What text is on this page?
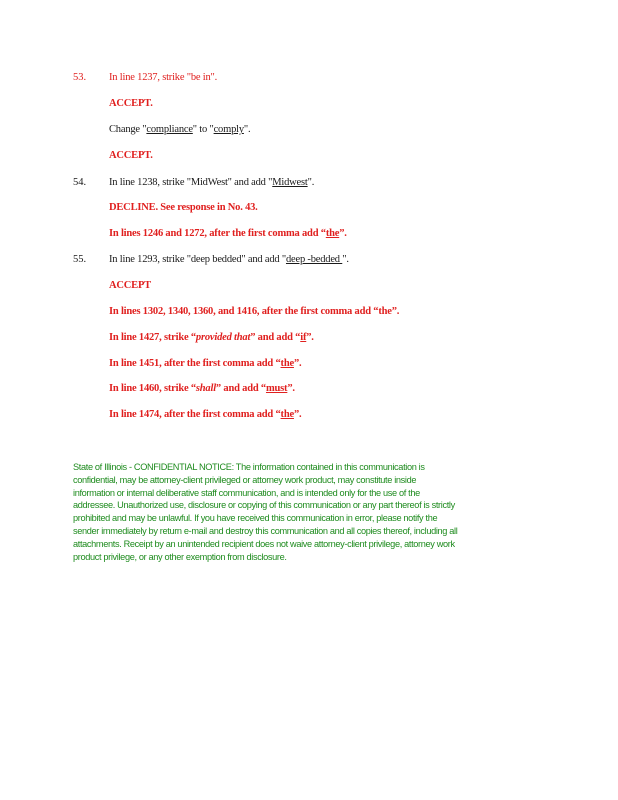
53. In line 1237, strike "be in".
ACCEPT.
Change "compliance" to "comply".
ACCEPT.
54. In line 1238, strike "MidWest" and add "Midwest".
DECLINE. See response in No. 43.
In lines 1246 and 1272, after the first comma add “the”.
55. In line 1293, strike "deep bedded" and add "deep -bedded ".
ACCEPT
In lines 1302, 1340, 1360, and 1416, after the first comma add “the”.
In line 1427, strike “provided that” and add “if”.
In line 1451, after the first comma add “the”.
In line 1460, strike “shall” and add “must”.
In line 1474, after the first comma add “the”.
State of Illinois - CONFIDENTIAL NOTICE: The information contained in this communication is
confidential, may be attorney-client privileged or attorney work product, may constitute inside
information or internal deliberative staff communication, and is intended only for the use of the
addressee. Unauthorized use, disclosure or copying of this communication or any part thereof is strictly
prohibited and may be unlawful. If you have received this communication in error, please notify the
sender immediately by return e-mail and destroy this communication and all copies thereof, including all
attachments. Receipt by an unintended recipient does not waive attorney-client privilege, attorney work
product privilege, or any other exemption from disclosure.
